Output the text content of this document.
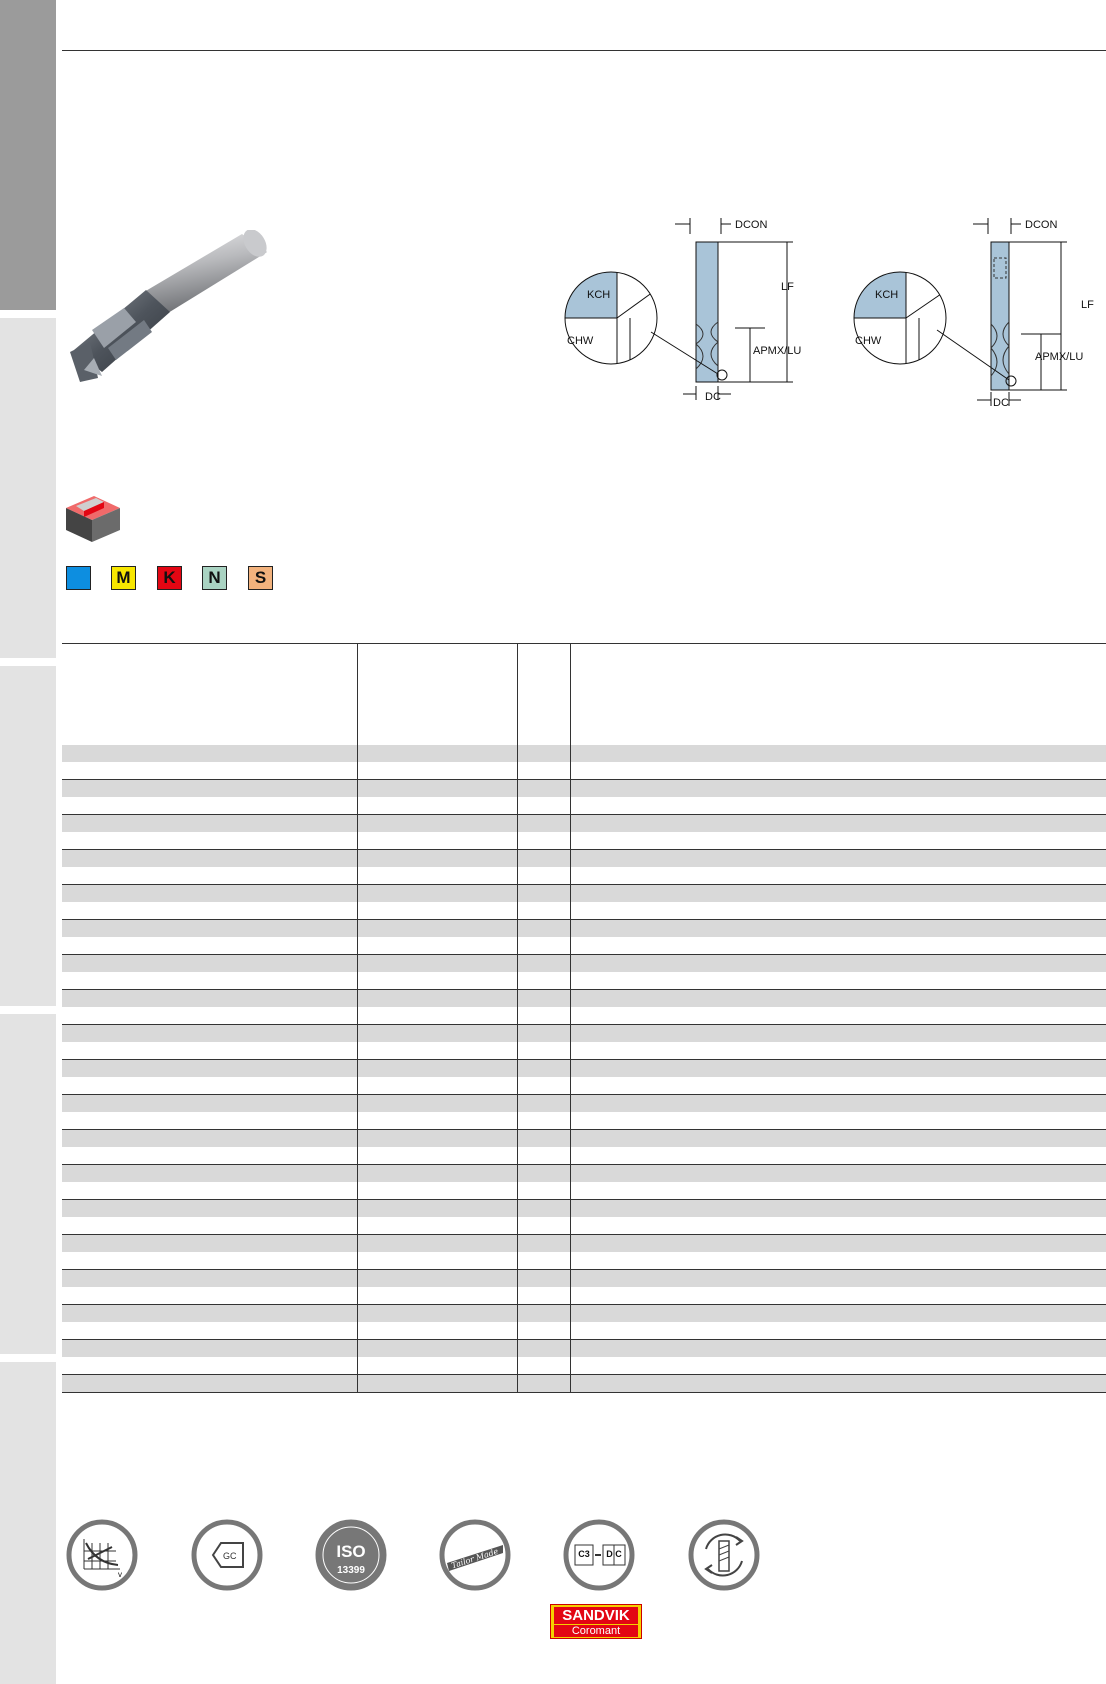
DCON
LF
APMX/LU
DC
KCH
CHW
DCON
LF
APMX/LU
DC
KCH
CHW
M	K	N	S

v
GC	ISO
13399
Tailor Made	C3 D C
SANDVIK
Coromant
